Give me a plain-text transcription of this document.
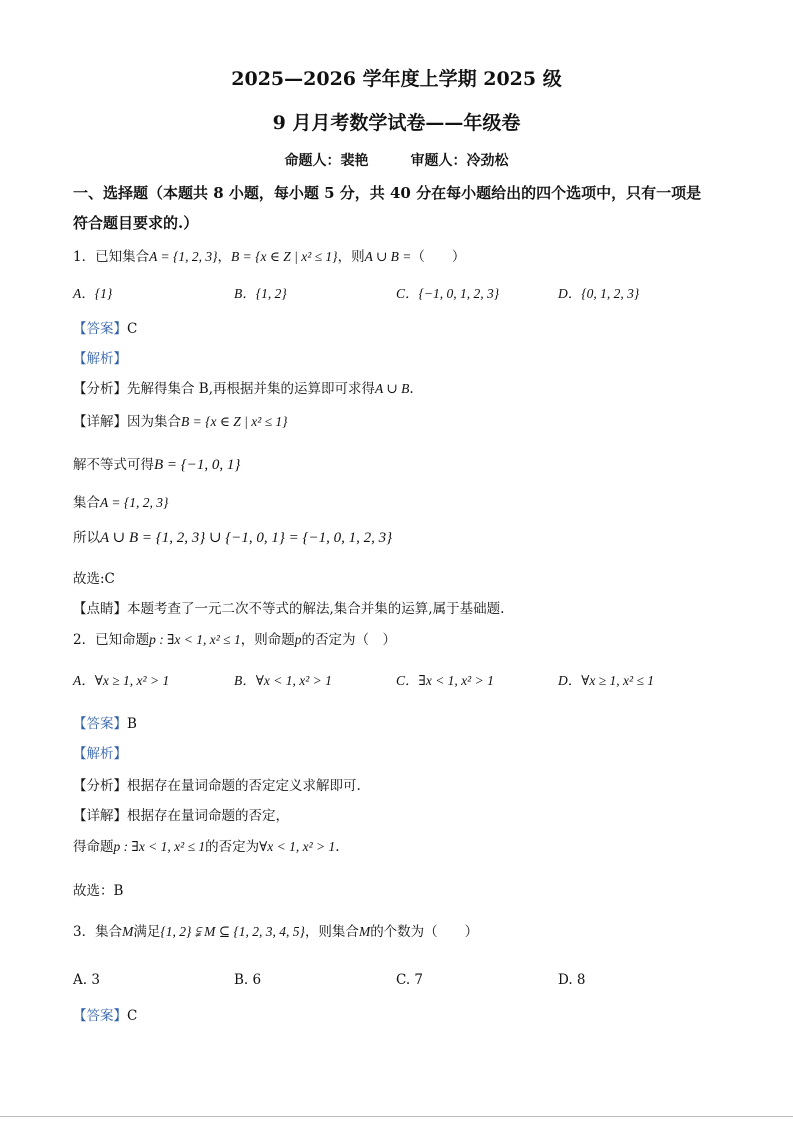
2025—2026 学年度上学期 2025 级
9 月月考数学试卷——年级卷
命题人：裴艳　　　审题人：冷劲松
一、选择题（本题共 8 小题，每小题 5 分，共 40 分在每小题给出的四个选项中，只有一项是
符合题目要求的.）
1．已知集合A = {1, 2, 3}，B = {x ∈ Z | x² ≤ 1}，则A ∪ B =（　　）
A．{1}	B．{1, 2}	C．{−1, 0, 1, 2, 3}	D．{0, 1, 2, 3}
【答案】C
【解析】
【分析】先解得集合 B,再根据并集的运算即可求得A ∪ B.
【详解】因为集合B = {x ∈ Z | x² ≤ 1}
解不等式可得B = {−1, 0, 1}
集合A = {1, 2, 3}
所以A ∪ B = {1, 2, 3} ∪ {−1, 0, 1} = {−1, 0, 1, 2, 3}
故选:C
【点睛】本题考查了一元二次不等式的解法,集合并集的运算,属于基础题.
2．已知命题p : ∃x < 1, x² ≤ 1，则命题p的否定为（　）
A．∀x ≥ 1, x² > 1	B．∀x < 1, x² > 1	C．∃x < 1, x² > 1	D．∀x ≥ 1, x² ≤ 1
【答案】B
【解析】
【分析】根据存在量词命题的否定定义求解即可.
【详解】根据存在量词命题的否定，
得命题p : ∃x < 1, x² ≤ 1的否定为∀x < 1, x² > 1.
故选：B
3．集合M满足{1, 2} ⫋ M ⊆ {1, 2, 3, 4, 5}，则集合M的个数为（　　）
A. 3	B. 6	C. 7	D. 8
【答案】C
